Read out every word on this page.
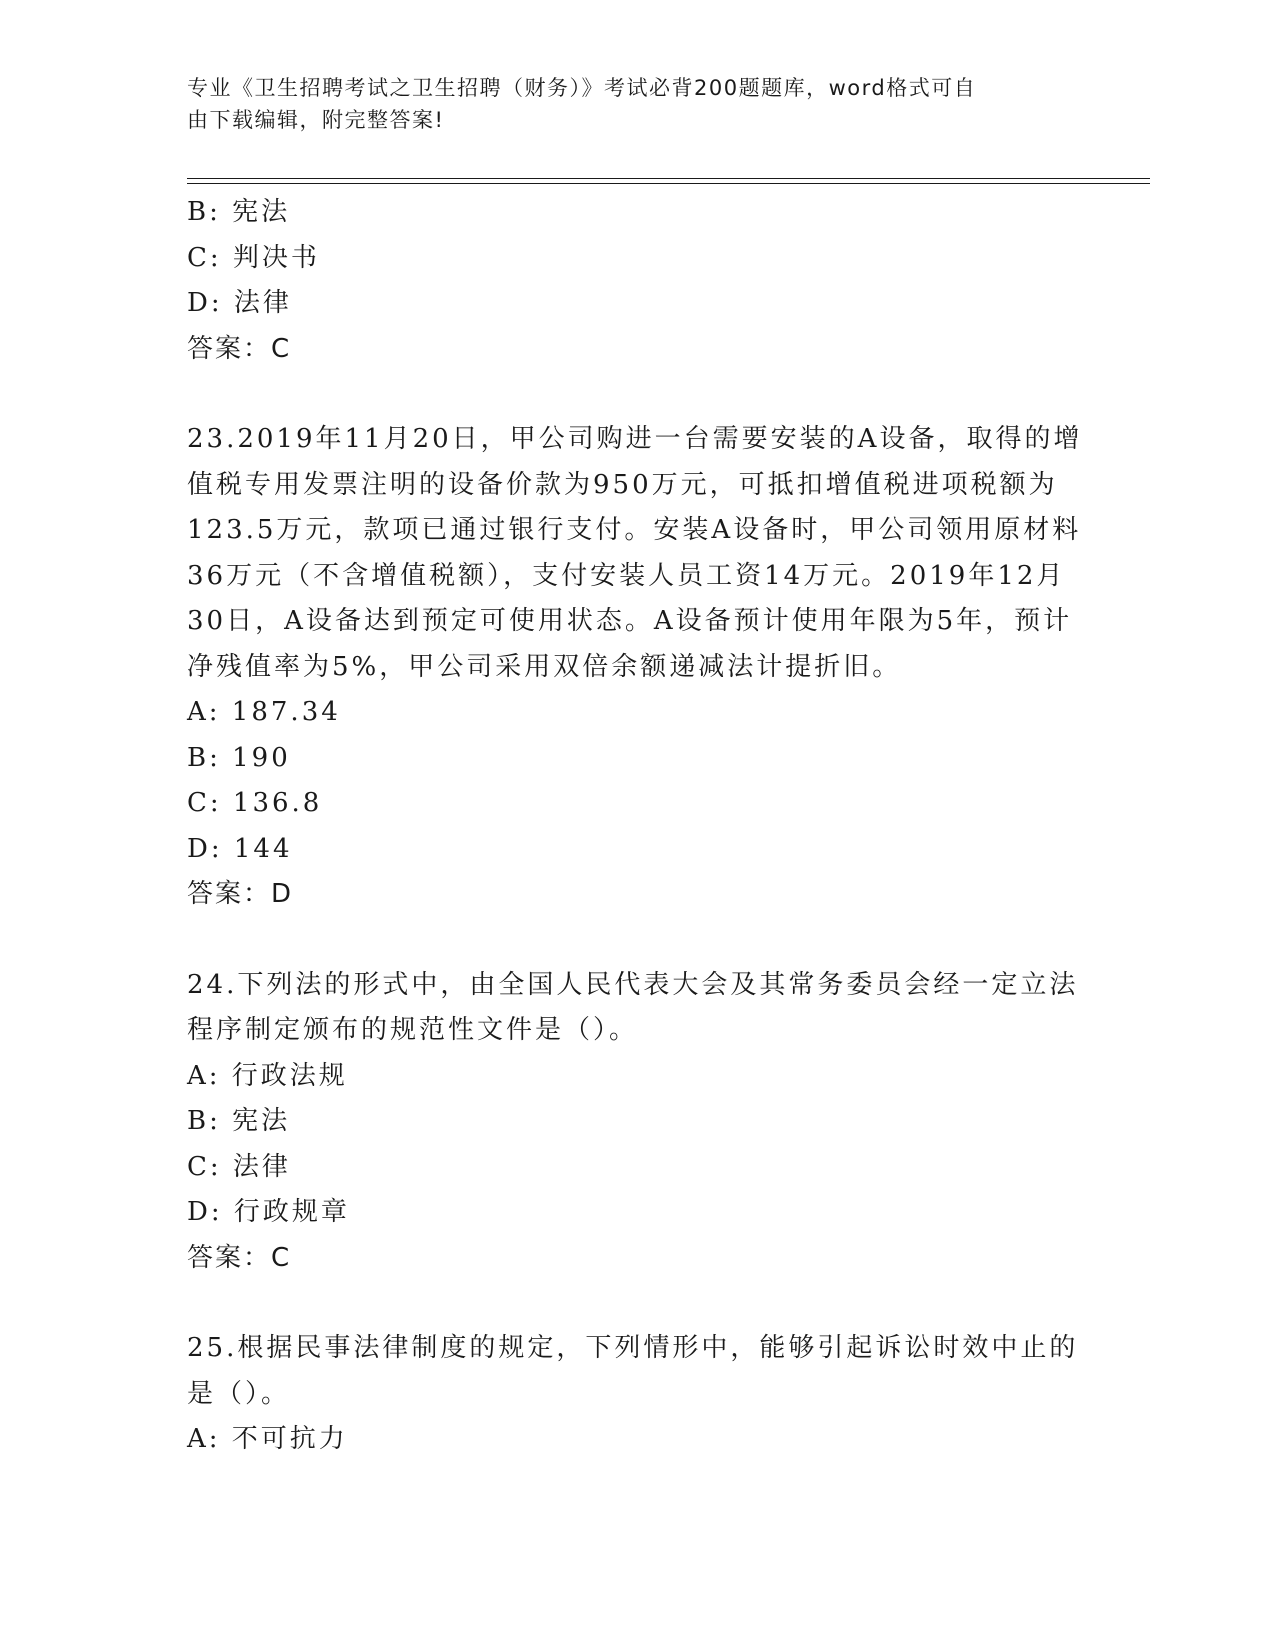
专业《卫生招聘考试之卫生招聘（财务）》考试必背200题题库，word格式可自
由下载编辑，附完整答案!
B: 宪法
C: 判决书
D: 法律
答案：C
23.2019年11月20日，甲公司购进一台需要安装的A设备，取得的增
值税专用发票注明的设备价款为950万元，可抵扣增值税进项税额为
123.5万元，款项已通过银行支付。安装A设备时，甲公司领用原材料
36万元（不含增值税额），支付安装人员工资14万元。2019年12月
30日，A设备达到预定可使用状态。A设备预计使用年限为5年，预计
净残值率为5%，甲公司采用双倍余额递减法计提折旧。
A: 187.34
B: 190
C: 136.8
D: 144
答案：D
24.下列法的形式中，由全国人民代表大会及其常务委员会经一定立法
程序制定颁布的规范性文件是（）。
A: 行政法规
B: 宪法
C: 法律
D: 行政规章
答案：C
25.根据民事法律制度的规定，下列情形中，能够引起诉讼时效中止的
是（）。
A: 不可抗力
